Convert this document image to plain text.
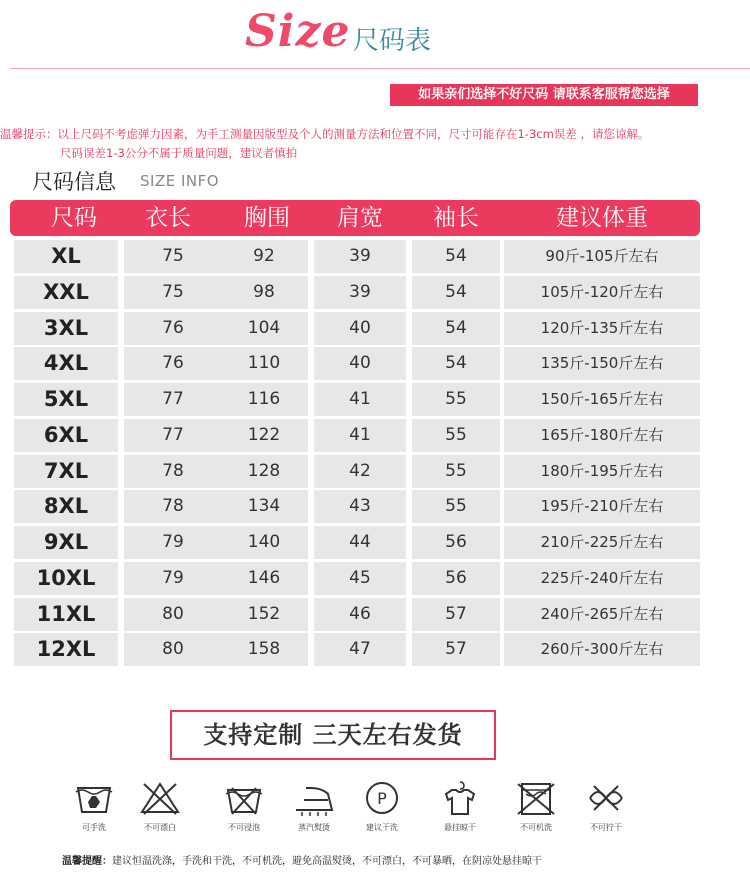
Size 尺码表
如果亲们选择不好尺码 请联系客服帮您选择
温馨提示：以上尺码不考虑弹力因素，为手工测量因版型及个人的测量方法和位置不同，尺寸可能存在1-3cm误差 ，请您谅解。
尺码误差1-3公分不属于质量问题，建议者慎拍
尺码信息 SIZE INFO
尺码	衣长	胸围	肩宽	袖长	建议体重
XL	75	92	39	54	90斤-105斤左右
XXL	75	98	39	54	105斤-120斤左右
3XL	76	104	40	54	120斤-135斤左右
4XL	76	110	40	54	135斤-150斤左右
5XL	77	116	41	55	150斤-165斤左右
6XL	77	122	41	55	165斤-180斤左右
7XL	78	128	42	55	180斤-195斤左右
8XL	78	134	43	55	195斤-210斤左右
9XL	79	140	44	56	210斤-225斤左右
10XL	79	146	45	56	225斤-240斤左右
11XL	80	152	46	57	240斤-265斤左右
12XL	80	158	47	57	260斤-300斤左右
支持定制 三天左右发货
可手洗	不可漂白	不可浸泡	蒸汽熨烫
P
建议干洗	悬挂晾干	不可机洗	不可拧干
温馨提醒：建议恒温洗涤，手洗和干洗，不可机洗，避免高温熨烫，不可漂白，不可暴晒，在阴凉处悬挂晾干
